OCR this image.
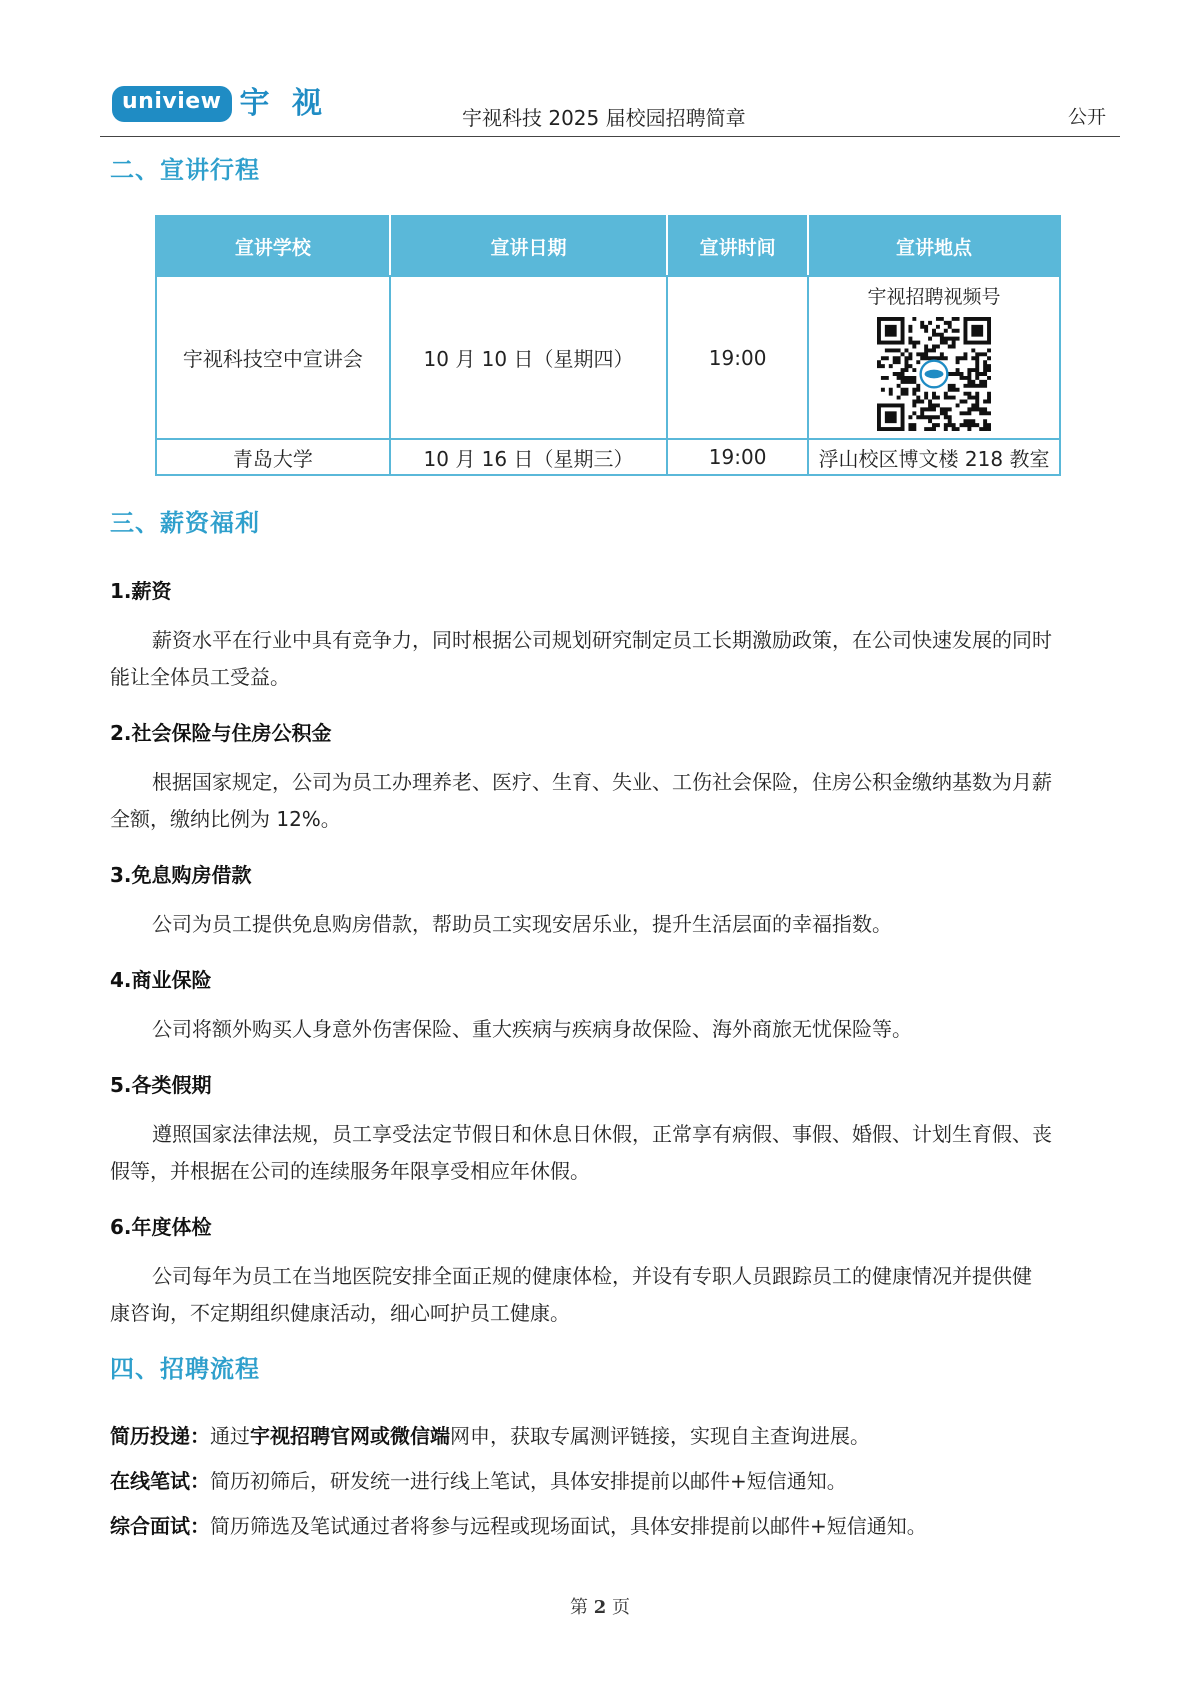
uniview 宇 视	宇视科技 2025 届校园招聘简章	公开
二、宣讲行程
宣讲学校	宣讲日期	宣讲时间	宣讲地点
宇视科技空中宣讲会	10 月 10 日（星期四）	19:00	宇视招聘视频号

青岛大学	10 月 16 日（星期三）	19:00	浮山校区博文楼 218 教室
三、薪资福利
1.薪资

薪资水平在行业中具有竞争力，同时根据公司规划研究制定员工长期激励政策，在公司快速发展的同时
能让全体员工受益。

2.社会保险与住房公积金

根据国家规定，公司为员工办理养老、医疗、生育、失业、工伤社会保险，住房公积金缴纳基数为月薪
全额，缴纳比例为 12%。

3.免息购房借款

公司为员工提供免息购房借款，帮助员工实现安居乐业，提升生活层面的幸福指数。

4.商业保险

公司将额外购买人身意外伤害保险、重大疾病与疾病身故保险、海外商旅无忧保险等。

5.各类假期

遵照国家法律法规，员工享受法定节假日和休息日休假，正常享有病假、事假、婚假、计划生育假、丧
假等，并根据在公司的连续服务年限享受相应年休假。

6.年度体检

公司每年为员工在当地医院安排全面正规的健康体检，并设有专职人员跟踪员工的健康情况并提供健
康咨询，不定期组织健康活动，细心呵护员工健康。

四、招聘流程
简历投递：通过宇视招聘官网或微信端网申，获取专属测评链接，实现自主查询进展。
在线笔试：简历初筛后，研发统一进行线上笔试，具体安排提前以邮件+短信通知。
综合面试：简历筛选及笔试通过者将参与远程或现场面试，具体安排提前以邮件+短信通知。
第 2 页
